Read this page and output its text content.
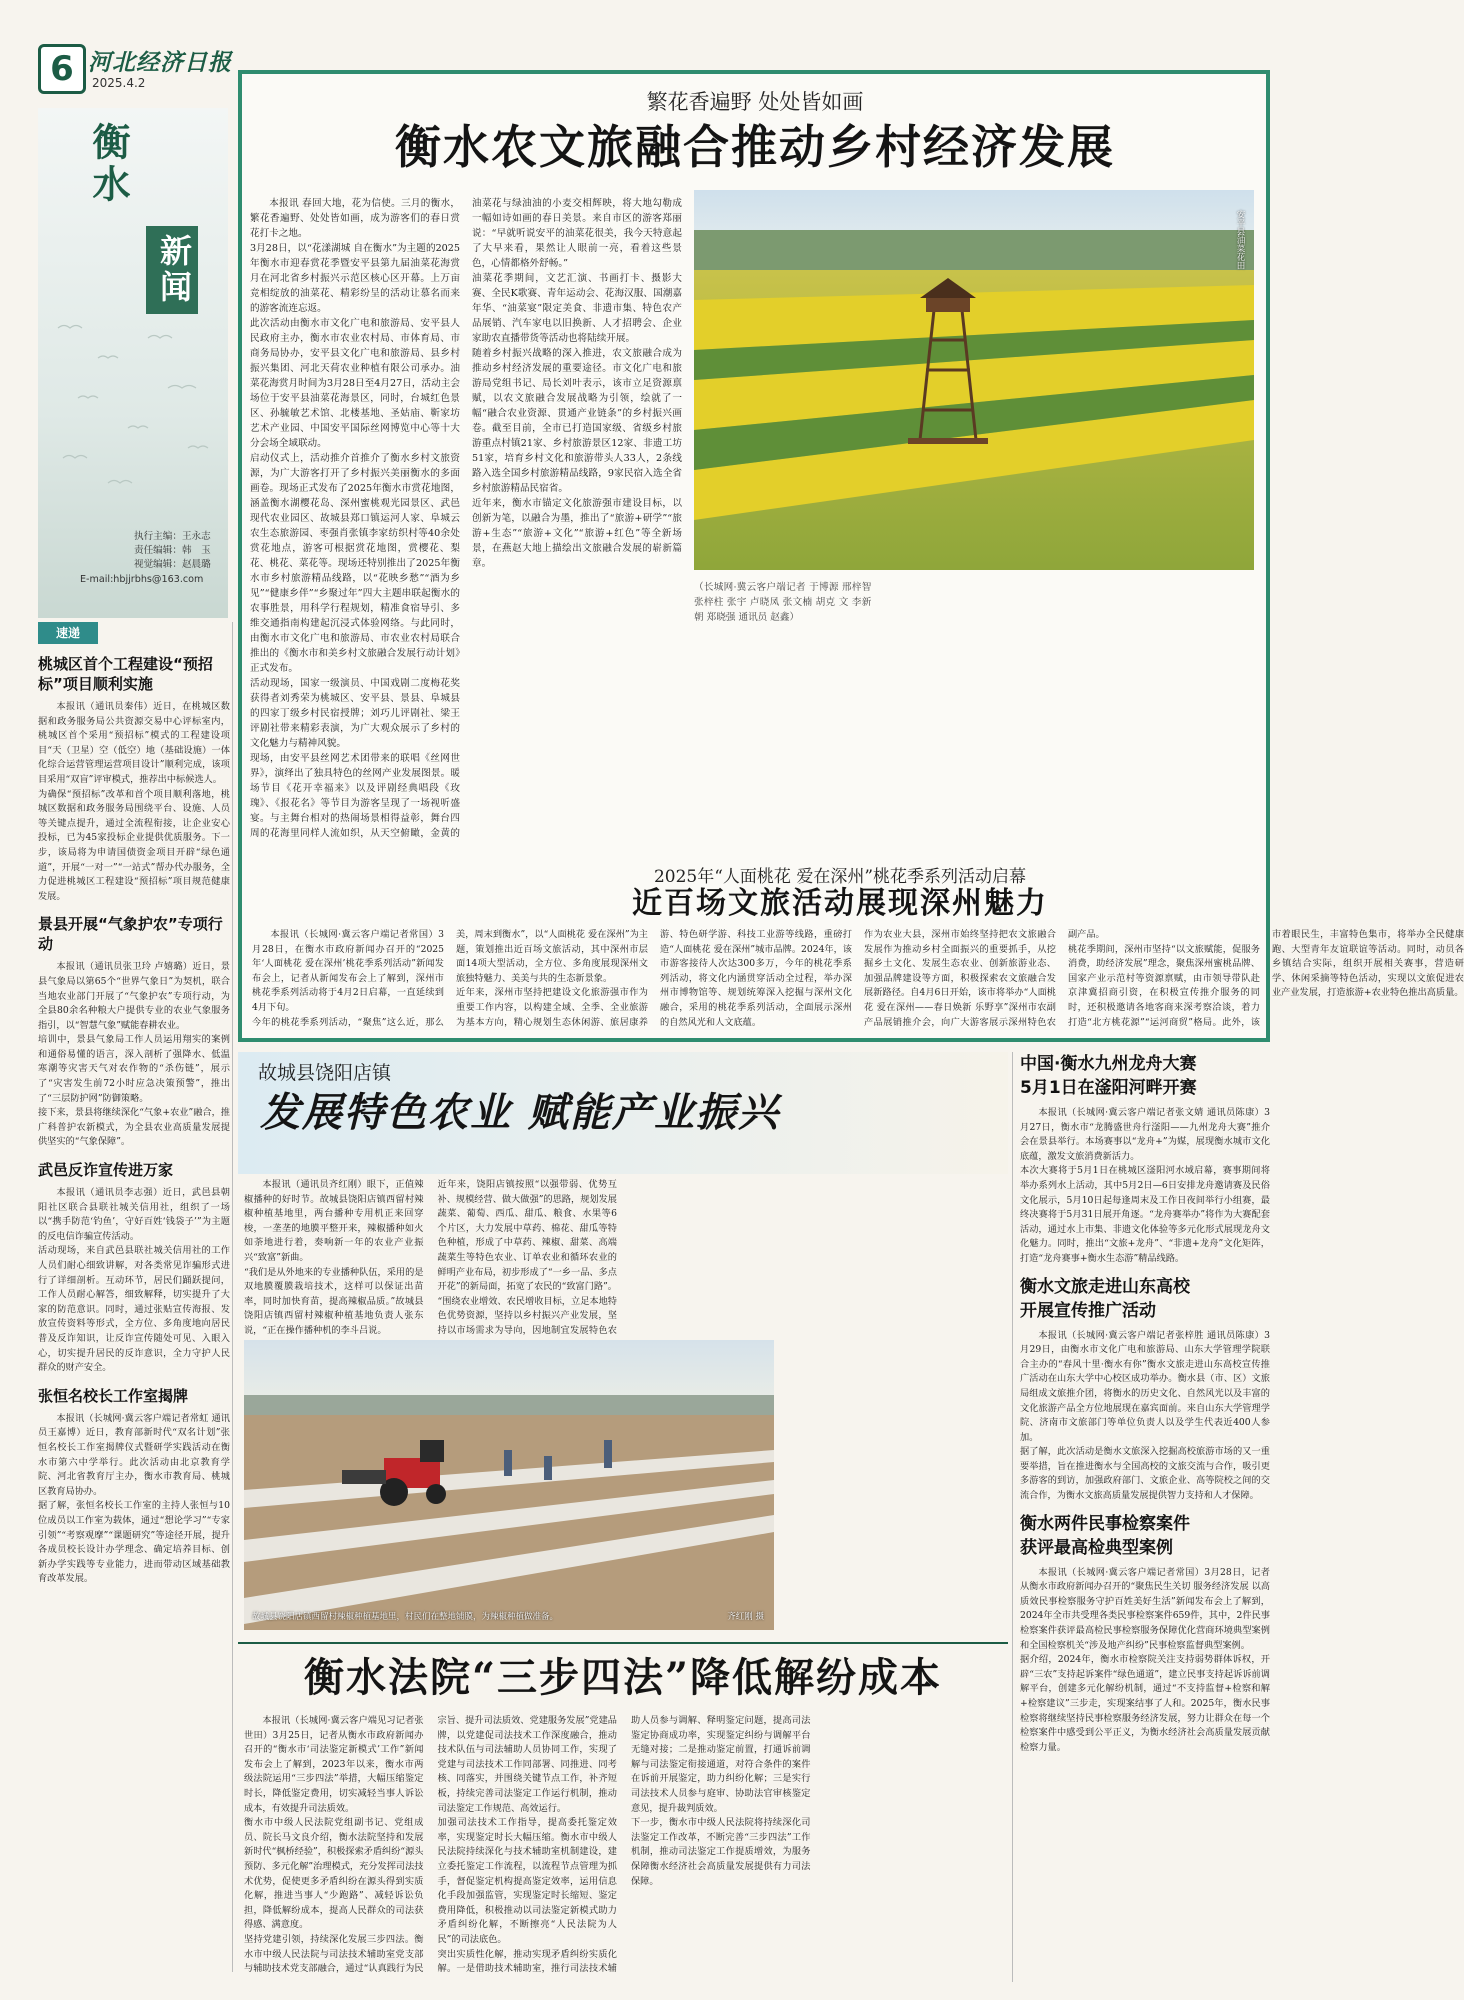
6 河北经济日报
2025.4.2
衡水
新闻
执行主编：王永志
责任编辑：韩　玉
视觉编辑：赵晨璐
E-mail:hbjjrbhs@163.com
速递
桃城区首个工程建设“预招标”项目顺利实施

本报讯（通讯员秦伟）近日，在桃城区数据和政务服务局公共资源交易中心评标室内，桃城区首个采用“预招标”模式的工程建设项目“天（卫星）空（低空）地（基础设施）一体化综合运营管理运营项目设计”顺利完成，该项目采用“双盲”评审模式，推荐出中标候选人。
为确保“预招标”改革和首个项目顺利落地，桃城区数据和政务服务局围绕平台、设施、人员等关键点提升，通过全流程衔接，让企业安心投标，已为45家投标企业提供优质服务。下一步，该局将为申请国债资金项目开辟“绿色通道”，开展“一对一”“一站式”帮办代办服务，全力促进桃城区工程建设“预招标”项目规范健康发展。

景县开展“气象护农”专项行动

本报讯（通讯员张卫玲 卢嬉璐）近日，景县气象局以第65个“世界气象日”为契机，联合当地农业部门开展了“气象护农”专项行动，为全县80余名种粮大户提供专业的农业气象服务指引，以“智慧气象”赋能春耕农业。
培训中，景县气象局工作人员运用翔实的案例和通俗易懂的语言，深入剖析了强降水、低温寒潮等灾害天气对农作物的“杀伤链”，展示了“灾害发生前72小时应急决策预警”，推出了“三层防护网”防御策略。
接下来，景县将继续深化“气象+农业”融合，推广科普护农新模式，为全县农业高质量发展提供坚实的“气象保障”。

武邑反诈宣传进万家

本报讯（通讯员李志强）近日，武邑县朝阳社区联合县联社城关信用社，组织了一场以“携手防范‘钓鱼’，守好百姓‘钱袋子’”为主题的反电信诈骗宣传活动。
活动现场，来自武邑县联社城关信用社的工作人员们耐心细致讲解，对各类常见诈骗形式进行了详细剖析。互动环节，居民们踊跃提问，工作人员耐心解答，细致解释，切实提升了大家的防范意识。同时，通过张贴宣传海报、发放宣传资料等形式，全方位、多角度地向居民普及反诈知识，让反诈宣传随处可见、入眼入心，切实提升居民的反诈意识，全力守护人民群众的财产安全。

张恒名校长工作室揭牌

本报讯（长城网·冀云客户端记者常虹 通讯员王嘉博）近日，教育部新时代“双名计划”张恒名校长工作室揭牌仪式暨研学实践活动在衡水市第六中学举行。此次活动由北京教育学院、河北省教育厅主办，衡水市教育局、桃城区教育局协办。
据了解，张恒名校长工作室的主持人张恒与10位成员以工作室为载体，通过“想论学习”“专家引领”“考察观摩”“课题研究”等途径开展，提升各成员校长设计办学理念、确定培养目标、创新办学实践等专业能力，进而带动区域基础教育改革发展。

繁花香遍野 处处皆如画

衡水农文旅融合推动乡村经济发展
安平县油菜花田

本报讯 春回大地，花为信使。三月的衡水，繁花香遍野、处处皆如画，成为游客们的春日赏花打卡之地。
3月28日，以“花漾湖城 自在衡水”为主题的2025年衡水市迎春赏花季暨安平县第九届油菜花海赏月在河北省乡村振兴示范区核心区开幕。上万亩竞相绽放的油菜花、精彩纷呈的活动让慕名而来的游客流连忘返。
此次活动由衡水市文化广电和旅游局、安平县人民政府主办，衡水市农业农村局、市体育局、市商务局协办，安平县文化广电和旅游局、县乡村振兴集团、河北天荷农业种植有限公司承办。油菜花海赏月时间为3月28日至4月27日，活动主会场位于安平县油菜花海景区，同时，台城红色景区、孙毓敏艺术馆、北楼基地、圣姑庙、靳家坊艺术产业园、中国安平国际丝网博览中心等十大分会场全域联动。
启动仪式上，活动推介首推介了衡水乡村文旅资源，为广大游客打开了乡村振兴美丽衡水的多面画卷。现场正式发布了2025年衡水市赏花地图，涵盖衡水湖樱花岛、深州蜜桃观光园景区、武邑现代农业园区、故城县郑口镇运河人家、阜城云农生态旅游园、枣强肖张镇李家纺织村等40余处赏花地点，游客可根据赏花地图，赏樱花、梨花、桃花、菜花等。现场还特别推出了2025年衡水市乡村旅游精品线路，以“花映乡愁”“酒为乡见”“健康乡伴”“乡聚过年”四大主题串联起衡水的农事胜景，用科学行程规划，精准食宿导引、多维交通指南构建起沉浸式体验网络。与此同时，由衡水市文化广电和旅游局、市农业农村局联合推出的《衡水市和美乡村文旅融合发展行动计划》正式发布。
活动现场，国家一级演员、中国戏剧二度梅花奖获得者刘秀荣为桃城区、安平县、景县、阜城县的四家丁级乡村民宿授牌；刘巧儿评剧社、梁王评剧社带来精彩表演，为广大观众展示了乡村的文化魅力与精神风貌。
现场，由安平县丝网艺术团带来的联唱《丝网世界》，演绎出了独具特色的丝网产业发展图景。暖场节目《花开幸福来》以及评剧经典唱段《玫瑰》、《报花名》等节目为游客呈现了一场视听盛宴。与主舞台相对的热闹场景相得益彰，舞台四周的花海里同样人流如织，从天空俯瞰，金黄的油菜花与绿油油的小麦交相辉映，将大地勾勒成一幅如诗如画的春日美景。来自市区的游客郑丽说：“早就听说安平的油菜花很美，我今天特意起了大早来看，果然让人眼前一亮，看着这些景色，心情都格外舒畅。”
油菜花季期间，文艺汇演、书画打卡、摄影大赛、全民K歌赛、青年运动会、花海汉服、国潮嘉年华、“油菜宴”限定美食、非遗市集、特色农产品展销、汽车家电以旧换新、人才招聘会、企业家助农直播带货等活动也将陆续开展。
随着乡村振兴战略的深入推进，农文旅融合成为推动乡村经济发展的重要途径。市文化广电和旅游局党组书记、局长刘叶表示，该市立足资源禀赋，以农文旅融合发展战略为引领，绘就了一幅“融合农业资源、贯通产业链条”的乡村振兴画卷。截至目前，全市已打造国家级、省级乡村旅游重点村镇21家、乡村旅游景区12家、非遗工坊51家，培育乡村文化和旅游带头人33人，2条线路入选全国乡村旅游精品线路，9家民宿入选全省乡村旅游精品民宿省。
近年来，衡水市锚定文化旅游强市建设目标，以创新为笔，以融合为墨，推出了“旅游+研学”“旅游+生态”“旅游+文化”“旅游+红色”等全新场景，在燕赵大地上描绘出文旅融合发展的崭新篇章。

（长城网·冀云客户端记者 于博源 邢梓智 张梓柱 张宇 卢晓凤 张文楠 胡克 文 李新朝 郑晓强 通讯员 赵鑫）

2025年“人面桃花 爱在深州”桃花季系列活动启幕

近百场文旅活动展现深州魅力

本报讯（长城网·冀云客户端记者常国）3月28日，在衡水市政府新闻办召开的“2025年‘人面桃花 爱在深州’桃花季系列活动”新闻发布会上，记者从新闻发布会上了解到，深州市桃花季系列活动将于4月2日启幕，一直延续到4月下旬。
今年的桃花季系列活动，“聚焦”这么近，那么美，周末到衡水”，以“人面桃花 爱在深州”为主题，策划推出近百场文旅活动，其中深州市层面14项大型活动，全方位、多角度展现深州文旅独特魅力、美美与共的生态新景象。
近年来，深州市坚持把建设文化旅游强市作为重要工作内容，以构建全域、全季、全业旅游为基本方向，精心规划生态休闲游、旅居康养游、特色研学游、科技工业游等线路，重磅打造“人面桃花 爱在深州”城市品牌。2024年，该市游客接待人次达300多万，今年的桃花季系列活动，将文化内涵贯穿活动全过程，举办深州市博物馆等、规划统筹深入挖掘与深州文化融合，采用的桃花季系列活动，全面展示深州的自然风光和人文底蕴。
作为农业大县，深州市始终坚持把农文旅融合发展作为推动乡村全面振兴的重要抓手，从挖掘乡土文化、发展生态农业、创新旅游业态、加强品牌建设等方面，积极探索农文旅融合发展新路径。自4月6日开始，该市将举办“人面桃花 爱在深州——春日焕新 乐野享”深州市农副产品展销推介会，向广大游客展示深州特色农副产品。
桃花季期间，深州市坚持“以文旅赋能，促服务消费，助经济发展”理念，聚焦深州蜜桃品牌、国家产业示范村等资源禀赋，由市领导带队赴京津冀招商引资，在积极宣传推介服务的同时，还积极邀请各地客商来深考察洽谈，着力打造“北方桃花源”“运河商贸”格局。此外，该市着眼民生，丰富特色集市，将举办全民健康跑、大型青年友谊联谊等活动。同时，动员各乡镇结合实际，组织开展相关赛事，营造研学、休闲采摘等特色活动，实现以文旅促进农业产业发展，打造旅游+农业特色推出高质量。

故城县饶阳店镇

发展特色农业 赋能产业振兴

本报讯（通讯员齐红刚）眼下，正值辣椒播种的好时节。故城县饶阳店镇西留村辣椒种植基地里，两台播种专用机正来回穿梭，一垄垄的地膜平整开来，辣椒播种如火如荼地进行着，奏响新一年的农业产业振兴“致富”新曲。
“我们是从外地来的专业播种队伍，采用的是双地膜覆膜栽培技术，这样可以保证出苗率，同时加快育苗，提高辣椒品质。”故城县饶阳店镇西留村辣椒种植基地负责人张东说，“正在操作播种机的李斗吕说。

近年来，饶阳店镇按照“以强带弱、优势互补、规模经营、做大做强”的思路，规划发展蔬菜、葡萄、西瓜、甜瓜、粮食、水果等6个片区，大力发展中草药、棉花、甜瓜等特色种植，形成了中草药、辣椒、甜菜、高端蔬菜生等特色农业、订单农业和循环农业的鲜明产业布局，初步形成了“一乡一品、多点开花”的新局面，拓宽了农民的“致富门路”。
“围绕农业增效、农民增收目标，立足本地特色优势资源，坚持以乡村振兴产业发展，坚持以市场需求为导向，因地制宜发展特色农

故城县饶阳店镇西留村辣椒种植基地里，村民们在整地铺膜，为辣椒种植做准备。	齐红刚 摄
衡水法院“三步四法”降低解纷成本

本报讯（长城网·冀云客户端见习记者张世田）3月25日，记者从衡水市政府新闻办召开的“衡水市‘司法鉴定新模式’工作”新闻发布会上了解到，2023年以来，衡水市两级法院运用“三步四法”举措，大幅压缩鉴定时长，降低鉴定费用，切实减轻当事人诉讼成本，有效提升司法质效。
衡水市中级人民法院党组副书记、党组成员、院长马文良介绍，衡水法院坚持和发展新时代“枫桥经验”，积极探索矛盾纠纷“源头预防、多元化解”治理模式，充分发挥司法技术优势，促使更多矛盾纠纷在源头得到实质化解，推进当事人“少跑路”、减轻诉讼负担，降低解纷成本，提高人民群众的司法获得感、满意度。
坚持党建引领，持续深化发展三步四法。衡水市中级人民法院与司法技术辅助室党支部与辅助技术党支部融合，通过“认真践行为民宗旨、提升司法质效、党建服务发展”党建品牌，以党建促司法技术工作深度融合，推动技术队伍与司法辅助人员协同工作，实现了党建与司法技术工作同部署、同推进、同考核、同落实，并围绕关键节点工作，补齐短板，持续完善司法鉴定工作运行机制，推动司法鉴定工作规范、高效运行。
加强司法技术工作指导，提高委托鉴定效率，实现鉴定时长大幅压缩。衡水市中级人民法院持续深化与技术辅助室机制建设，建立委托鉴定工作流程，以流程节点管理为抓手，督促鉴定机构提高鉴定效率，运用信息化手段加强监管，实现鉴定时长缩短、鉴定费用降低，积极推动以司法鉴定新模式助力矛盾纠纷化解，不断擦亮“人民法院为人民”的司法底色。
突出实质性化解，推动实现矛盾纠纷实质化解。一是借助技术辅助室，推行司法技术辅助人员参与调解、释明鉴定问题，提高司法鉴定协商成功率，实现鉴定纠纷与调解平台无缝对接；二是推动鉴定前置，打通诉前调解与司法鉴定衔接通道，对符合条件的案件在诉前开展鉴定，助力纠纷化解；三是实行司法技术人员参与庭审、协助法官审核鉴定意见，提升裁判质效。
下一步，衡水市中级人民法院将持续深化司法鉴定工作改革，不断完善“三步四法”工作机制，推动司法鉴定工作提质增效，为服务保障衡水经济社会高质量发展提供有力司法保障。

中国·衡水九州龙舟大赛
5月1日在滏阳河畔开赛

本报讯（长城网·冀云客户端记者张文婧 通讯员陈康）3月27日，衡水市“龙腾盛世舟行滏阳——九州龙舟大赛”推介会在景县举行。本场赛事以“龙舟+”为媒，展现衡水城市文化底蕴，激发文旅消费新活力。
本次大赛将于5月1日在桃城区滏阳河水域启幕，赛事期间将举办系列水上活动，其中5月2日—6日安排龙舟邀请赛及民俗文化展示，5月10日起每逢周末及工作日夜间举行小组赛，最终决赛将于5月31日展开角逐。“龙舟赛举办”将作为大赛配套活动，通过水上市集、非遗文化体验等多元化形式展现龙舟文化魅力。同时，推出“文旅+龙舟”、“非遗+龙舟”文化矩阵，打造“龙舟赛事+衡水生态游”精品线路。

衡水文旅走进山东高校
开展宣传推广活动

本报讯（长城网·冀云客户端记者张梓胜 通讯员陈康）3月29日，由衡水市文化广电和旅游局、山东大学管理学院联合主办的“春风十里·衡水有你”衡水文旅走进山东高校宣传推广活动在山东大学中心校区成功举办。衡水县（市、区）文旅局组成文旅推介团，将衡水的历史文化、自然风光以及丰富的文化旅游产品全方位地展现在嘉宾面前。来自山东大学管理学院、济南市文旅部门等单位负责人以及学生代表近400人参加。
据了解，此次活动是衡水文旅深入挖掘高校旅游市场的又一重要举措，旨在推进衡水与全国高校的文旅交流与合作，吸引更多游客的到访，加强政府部门、文旅企业、高等院校之间的交流合作，为衡水文旅高质量发展提供智力支持和人才保障。

衡水两件民事检察案件
获评最高检典型案例

本报讯（长城网·冀云客户端记者常国）3月28日，记者从衡水市政府新闻办召开的“聚焦民生关切 服务经济发展 以高质效民事检察服务守护百姓美好生活”新闻发布会上了解到，2024年全市共受理各类民事检察案件659件，其中，2件民事检察案件获评最高检民事检察服务保障优化营商环境典型案例和全国检察机关“涉及地产纠纷”民事检察监督典型案例。
据介绍，2024年，衡水市检察院关注支持弱势群体诉权，开辟“三农”支持起诉案件“绿色通道”，建立民事支持起诉诉前调解平台，创建多元化解纷机制，通过“不支持监督+检察和解+检察建议”三步走，实现案结事了人和。2025年，衡水民事检察将继续坚持民事检察服务经济发展，努力让群众在每一个检察案件中感受到公平正义，为衡水经济社会高质量发展贡献检察力量。
